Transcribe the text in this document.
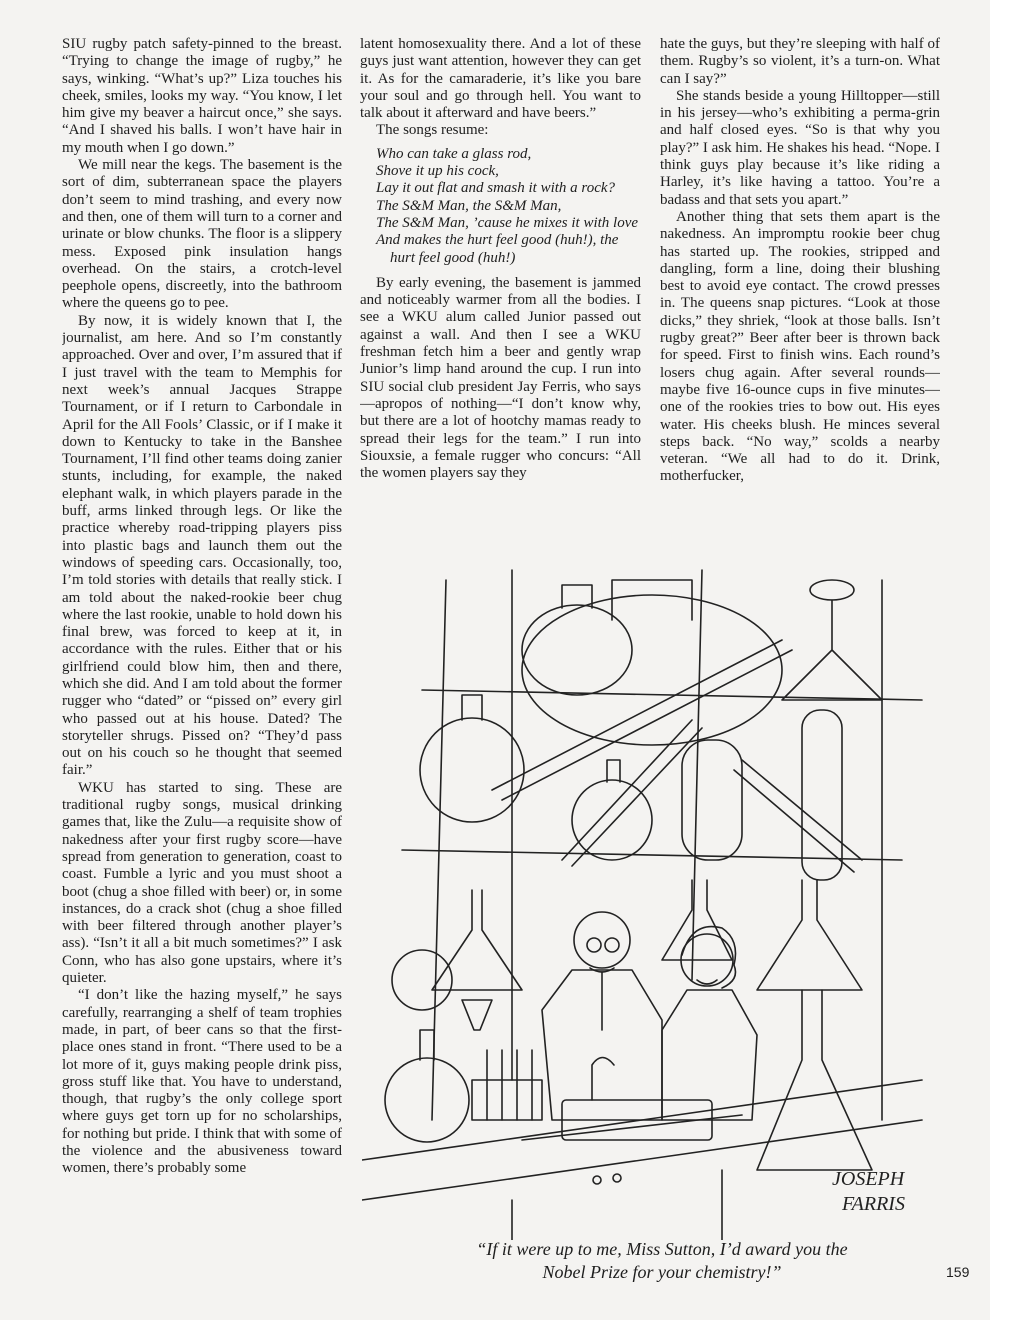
SIU rugby patch safety-pinned to the breast. “Trying to change the image of rugby,” he says, winking. “What’s up?” Liza touches his cheek, smiles, looks my way. “You know, I let him give my beaver a haircut once,” she says. “And I shaved his balls. I won’t have hair in my mouth when I go down.”

We mill near the kegs. The basement is the sort of dim, subterranean space the players don’t seem to mind trashing, and every now and then, one of them will turn to a corner and urinate or blow chunks. The floor is a slippery mess. Exposed pink insulation hangs overhead. On the stairs, a crotch-level peephole opens, discreetly, into the bathroom where the queens go to pee.

By now, it is widely known that I, the journalist, am here. And so I’m constantly approached. Over and over, I’m assured that if I just travel with the team to Memphis for next week’s annual Jacques Strappe Tournament, or if I return to Carbondale in April for the All Fools’ Classic, or if I make it down to Kentucky to take in the Banshee Tournament, I’ll find other teams doing zanier stunts, including, for example, the naked elephant walk, in which players parade in the buff, arms linked through legs. Or like the practice whereby road-tripping players piss into plastic bags and launch them out the windows of speeding cars. Occasionally, too, I’m told stories with details that really stick. I am told about the naked-rookie beer chug where the last rookie, unable to hold down his final brew, was forced to keep at it, in accordance with the rules. Either that or his girlfriend could blow him, then and there, which she did. And I am told about the former rugger who “dated” or “pissed on” every girl who passed out at his house. Dated? The storyteller shrugs. Pissed on? “They’d pass out on his couch so he thought that seemed fair.”

WKU has started to sing. These are traditional rugby songs, musical drinking games that, like the Zulu—a requisite show of nakedness after your first rugby score—have spread from generation to generation, coast to coast. Fumble a lyric and you must shoot a boot (chug a shoe filled with beer) or, in some instances, do a crack shot (chug a shoe filled with beer filtered through another player’s ass). “Isn’t it all a bit much sometimes?” I ask Conn, who has also gone upstairs, where it’s quieter.

“I don’t like the hazing myself,” he says carefully, rearranging a shelf of team trophies made, in part, of beer cans so that the first-place ones stand in front. “There used to be a lot more of it, guys making people drink piss, gross stuff like that. You have to understand, though, that rugby’s the only college sport where guys get torn up for no scholarships, for nothing but pride. I think that with some of the violence and the abusiveness toward women, there’s probably some

latent homosexuality there. And a lot of these guys just want attention, however they can get it. As for the camaraderie, it’s like you bare your soul and go through hell. You want to talk about it afterward and have beers.”

The songs resume:

Who can take a glass rod,
Shove it up his cock,
Lay it out flat and smash it with a rock?
The S&M Man, the S&M Man,
The S&M Man, ’cause he mixes it with love
And makes the hurt feel good (huh!), the
hurt feel good (huh!)

By early evening, the basement is jammed and noticeably warmer from all the bodies. I see a WKU alum called Junior passed out against a wall. And then I see a WKU freshman fetch him a beer and gently wrap Junior’s limp hand around the cup. I run into SIU social club president Jay Ferris, who says—apropos of nothing—“I don’t know why, but there are a lot of hootchy mamas ready to spread their legs for the team.” I run into Siouxsie, a female rugger who concurs: “All the women players say they

hate the guys, but they’re sleeping with half of them. Rugby’s so violent, it’s a turn-on. What can I say?”

She stands beside a young Hilltopper—still in his jersey—who’s exhibiting a perma-grin and half closed eyes. “So is that why you play?” I ask him. He shakes his head. “Nope. I think guys play because it’s like riding a Harley, it’s like having a tattoo. You’re a badass and that sets you apart.”

Another thing that sets them apart is the nakedness. An impromptu rookie beer chug has started up. The rookies, stripped and dangling, form a line, doing their blushing best to avoid eye contact. The crowd presses in. The queens snap pictures. “Look at those dicks,” they shriek, “look at those balls. Isn’t rugby great?” Beer after beer is thrown back for speed. First to finish wins. Each round’s losers chug again. After several rounds—maybe five 16-ounce cups in five minutes—one of the rookies tries to bow out. His eyes water. His cheeks blush. He minces several steps back. “No way,” scolds a nearby veteran. “We all had to do it. Drink, motherfucker,

JOSEPH
FARRIS
“If it were up to me, Miss Sutton, I’d award you the
Nobel Prize for your chemistry!”	159
